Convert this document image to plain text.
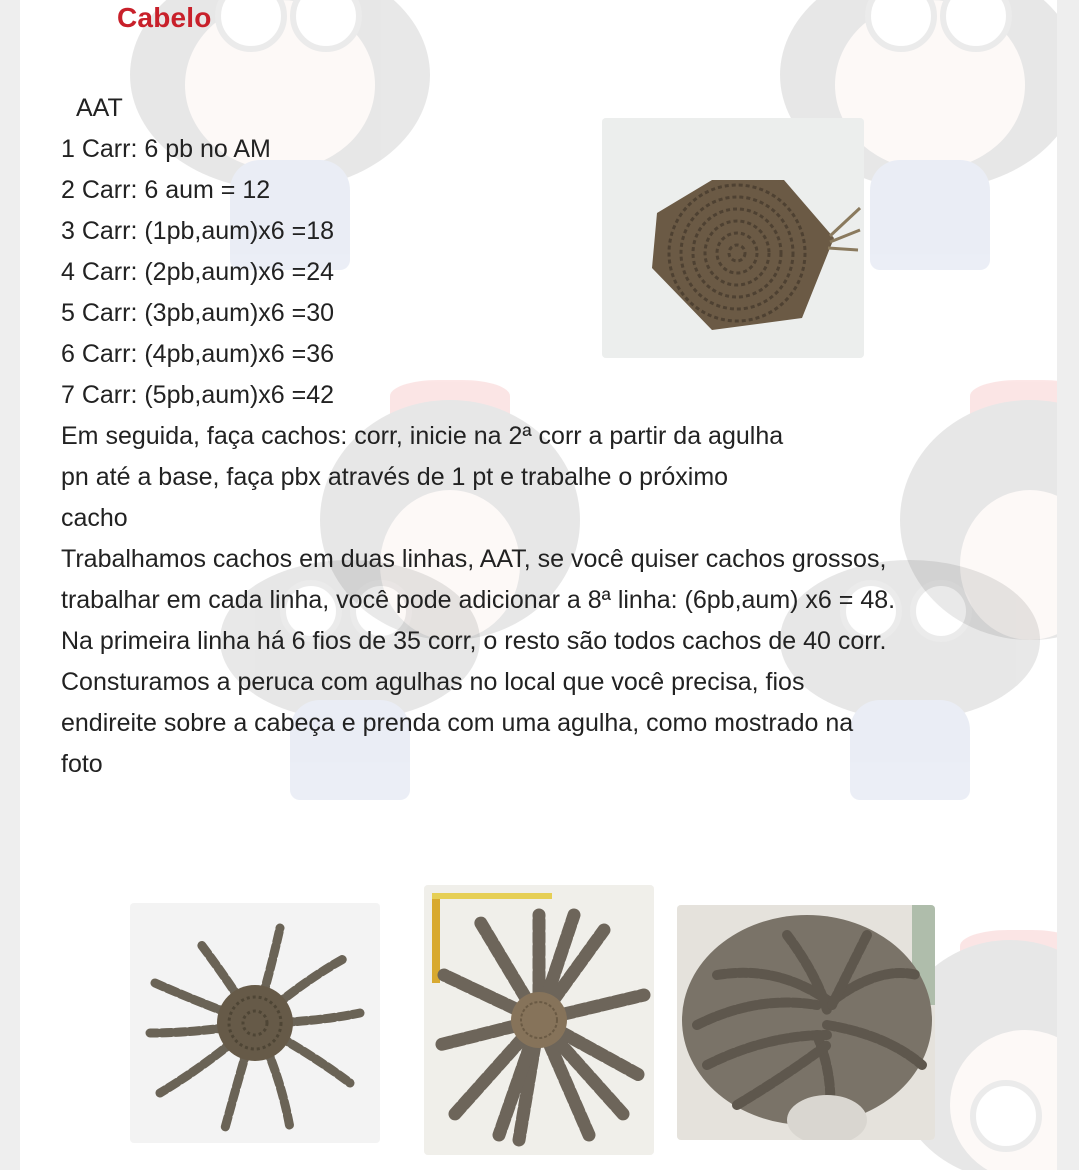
Cabelo
AAT
1 Carr: 6 pb no AM
2 Carr: 6 aum = 12
3 Carr: (1pb,aum)x6 =18
4 Carr: (2pb,aum)x6 =24
5 Carr: (3pb,aum)x6 =30
6 Carr: (4pb,aum)x6 =36
7 Carr: (5pb,aum)x6 =42
Em seguida, faça cachos: corr, inicie na 2ª corr a partir da agulha
pn até a base, faça pbx através de 1 pt e trabalhe o próximo
cacho
Trabalhamos cachos em duas linhas, AAT, se você quiser cachos grossos,
trabalhar em cada linha, você pode adicionar a 8ª linha: (6pb,aum) x6 = 48.
Na primeira linha há 6 fios de 35 corr, o resto são todos cachos de 40 corr.
Consturamos a peruca com agulhas no local que você precisa, fios
endireite sobre a cabeça e prenda com uma agulha, como mostrado na
foto
